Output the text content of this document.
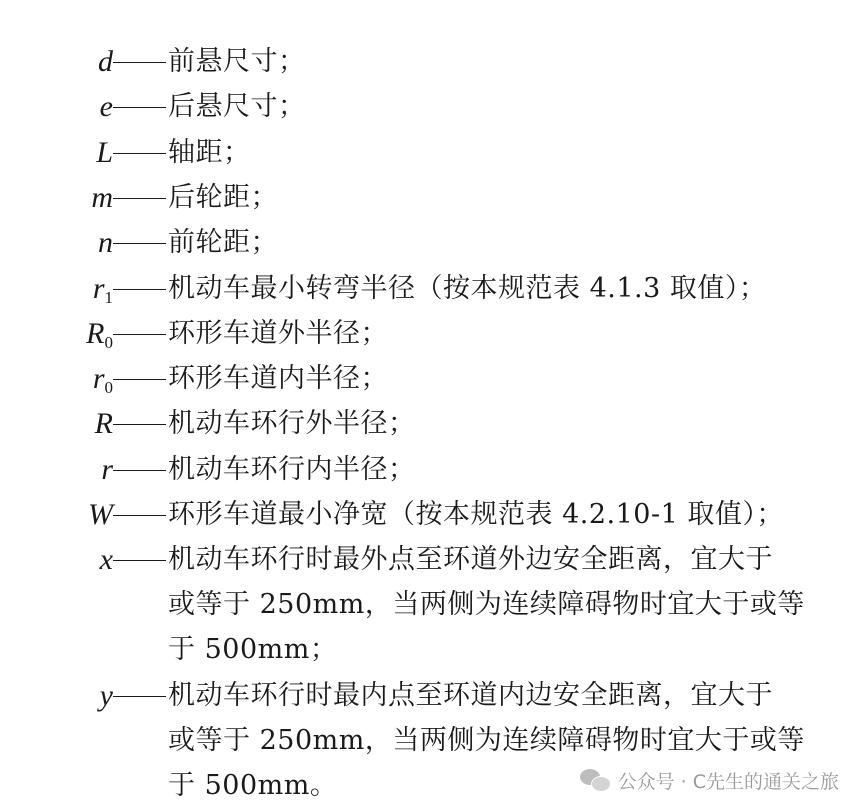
d 前悬尺寸；
e 后悬尺寸；
L 轴距；
m 后轮距；
n 前轮距；
$r_1$ 机动车最小转弯半径（按本规范表 4.1.3 取值）；
$R_0$ 环形车道外半径；
$r_0$ 环形车道内半径；
R 机动车环行外半径；
r 机动车环行内半径；
W 环形车道最小净宽（按本规范表 4.2.10-1 取值）；
x 机动车环行时最外点至环道外边安全距离，宜大于
或等于 250mm，当两侧为连续障碍物时宜大于或等
于 500mm；
y 机动车环行时最内点至环道内边安全距离，宜大于
或等于 250mm，当两侧为连续障碍物时宜大于或等
于 500mm。	公众号 · C先生的通关之旅
